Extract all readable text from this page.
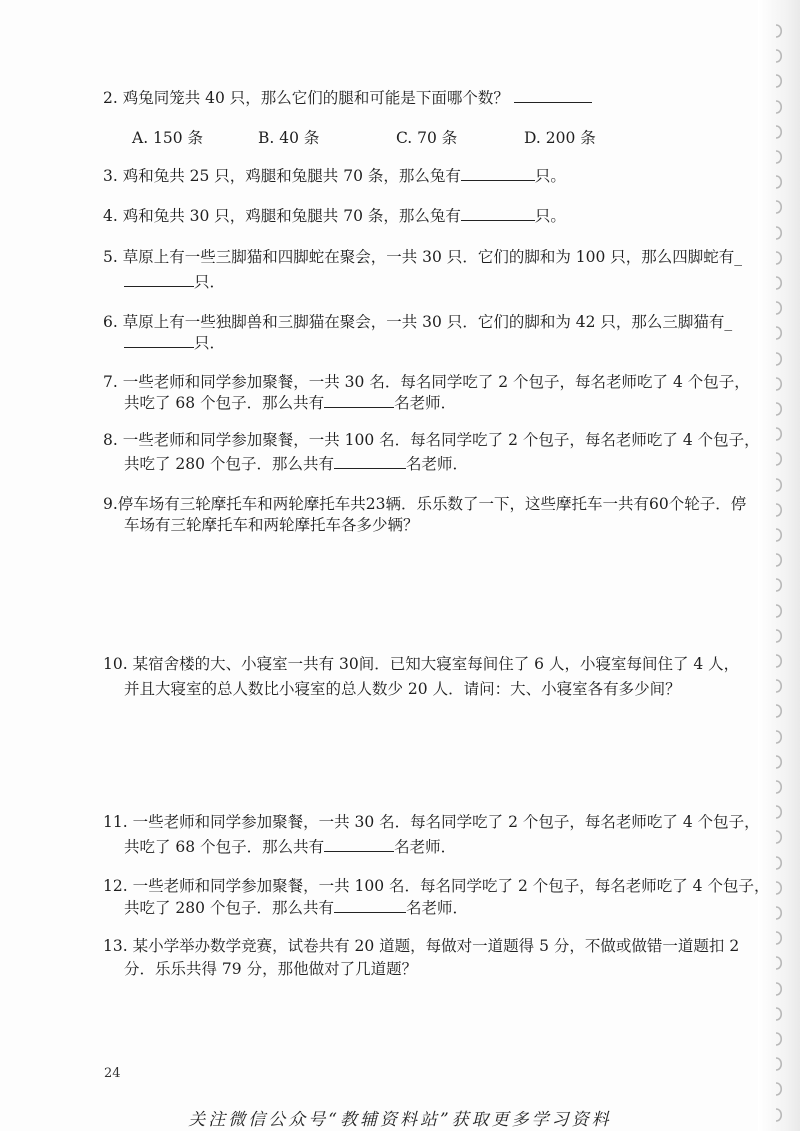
2. 鸡兔同笼共 40 只，那么它们的腿和可能是下面哪个数？
A. 150 条	B. 40 条	C. 70 条	D. 200 条
3. 鸡和兔共 25 只，鸡腿和兔腿共 70 条，那么兔有	只。
4. 鸡和兔共 30 只，鸡腿和兔腿共 70 条，那么兔有	只。
5. 草原上有一些三脚猫和四脚蛇在聚会，一共 30 只．它们的脚和为 100 只，那么四脚蛇有_
只．
6. 草原上有一些独脚兽和三脚猫在聚会，一共 30 只．它们的脚和为 42 只，那么三脚猫有_
只．
7. 一些老师和同学参加聚餐，一共 30 名．每名同学吃了 2 个包子，每名老师吃了 4 个包子，
共吃了 68 个包子．那么共有	名老师．
8. 一些老师和同学参加聚餐，一共 100 名．每名同学吃了 2 个包子，每名老师吃了 4 个包子，
共吃了 280 个包子．那么共有	名老师．
9.停车场有三轮摩托车和两轮摩托车共23辆．乐乐数了一下，这些摩托车一共有60个轮子．停
车场有三轮摩托车和两轮摩托车各多少辆？
10. 某宿舍楼的大、小寝室一共有 30间．已知大寝室每间住了 6 人，小寝室每间住了 4 人，
并且大寝室的总人数比小寝室的总人数少 20 人．请问：大、小寝室各有多少间？
11. 一些老师和同学参加聚餐，一共 30 名．每名同学吃了 2 个包子，每名老师吃了 4 个包子，
共吃了 68 个包子．那么共有	名老师．
12. 一些老师和同学参加聚餐，一共 100 名．每名同学吃了 2 个包子，每名老师吃了 4 个包子，
共吃了 280 个包子．那么共有	名老师．
13. 某小学举办数学竞赛，试卷共有 20 道题，每做对一道题得 5 分，不做或做错一道题扣 2
分．乐乐共得 79 分，那他做对了几道题？
24
关注微信公众号“教辅资料站”获取更多学习资料
